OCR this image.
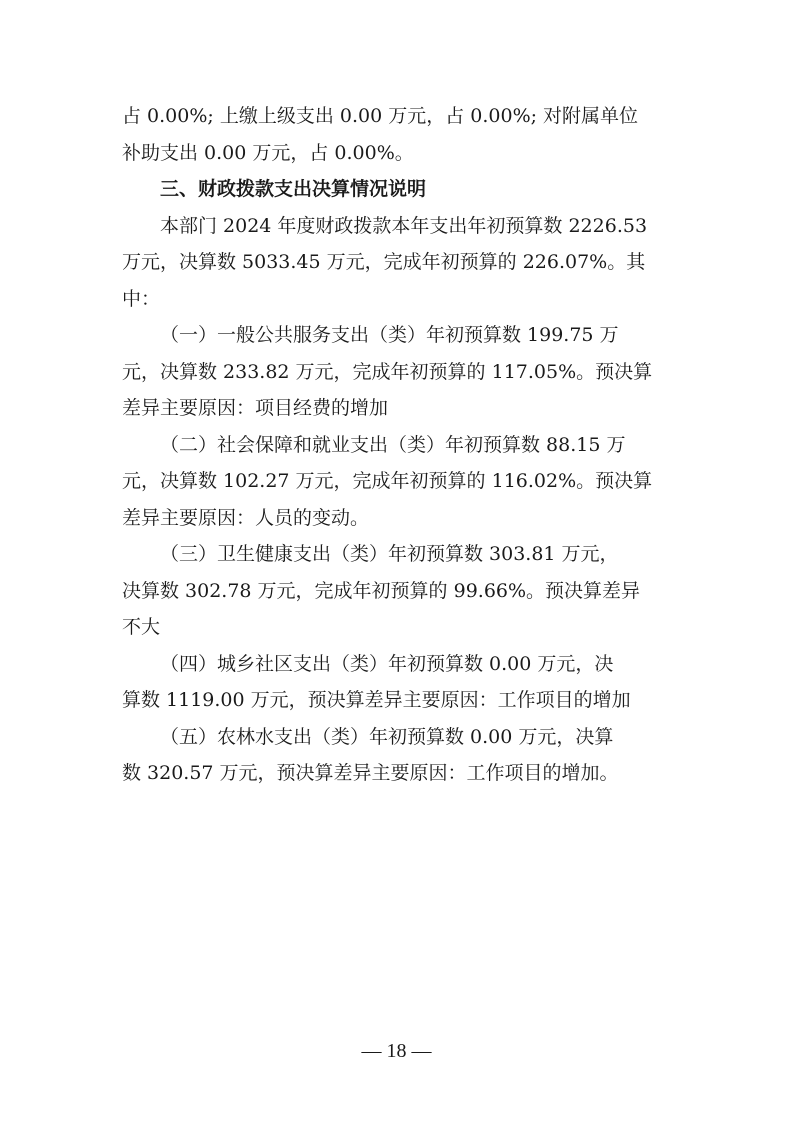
占 0.00%; 上缴上级支出 0.00 万元，占 0.00%; 对附属单位
补助支出 0.00 万元，占 0.00%。

三、财政拨款支出决算情况说明

本部门 2024 年度财政拨款本年支出年初预算数 2226.53
万元，决算数 5033.45 万元，完成年初预算的 226.07%。其
中：

（一）一般公共服务支出（类）年初预算数 199.75 万
元，决算数 233.82 万元，完成年初预算的 117.05%。预决算
差异主要原因：项目经费的增加

（二）社会保障和就业支出（类）年初预算数 88.15 万
元，决算数 102.27 万元，完成年初预算的 116.02%。预决算
差异主要原因：人员的变动。

（三）卫生健康支出（类）年初预算数 303.81 万元，
决算数 302.78 万元，完成年初预算的 99.66%。预决算差异
不大

（四）城乡社区支出（类）年初预算数 0.00 万元，决
算数 1119.00 万元，预决算差异主要原因：工作项目的增加

（五）农林水支出（类）年初预算数 0.00 万元，决算
数 320.57 万元，预决算差异主要原因：工作项目的增加。

— 18 —
